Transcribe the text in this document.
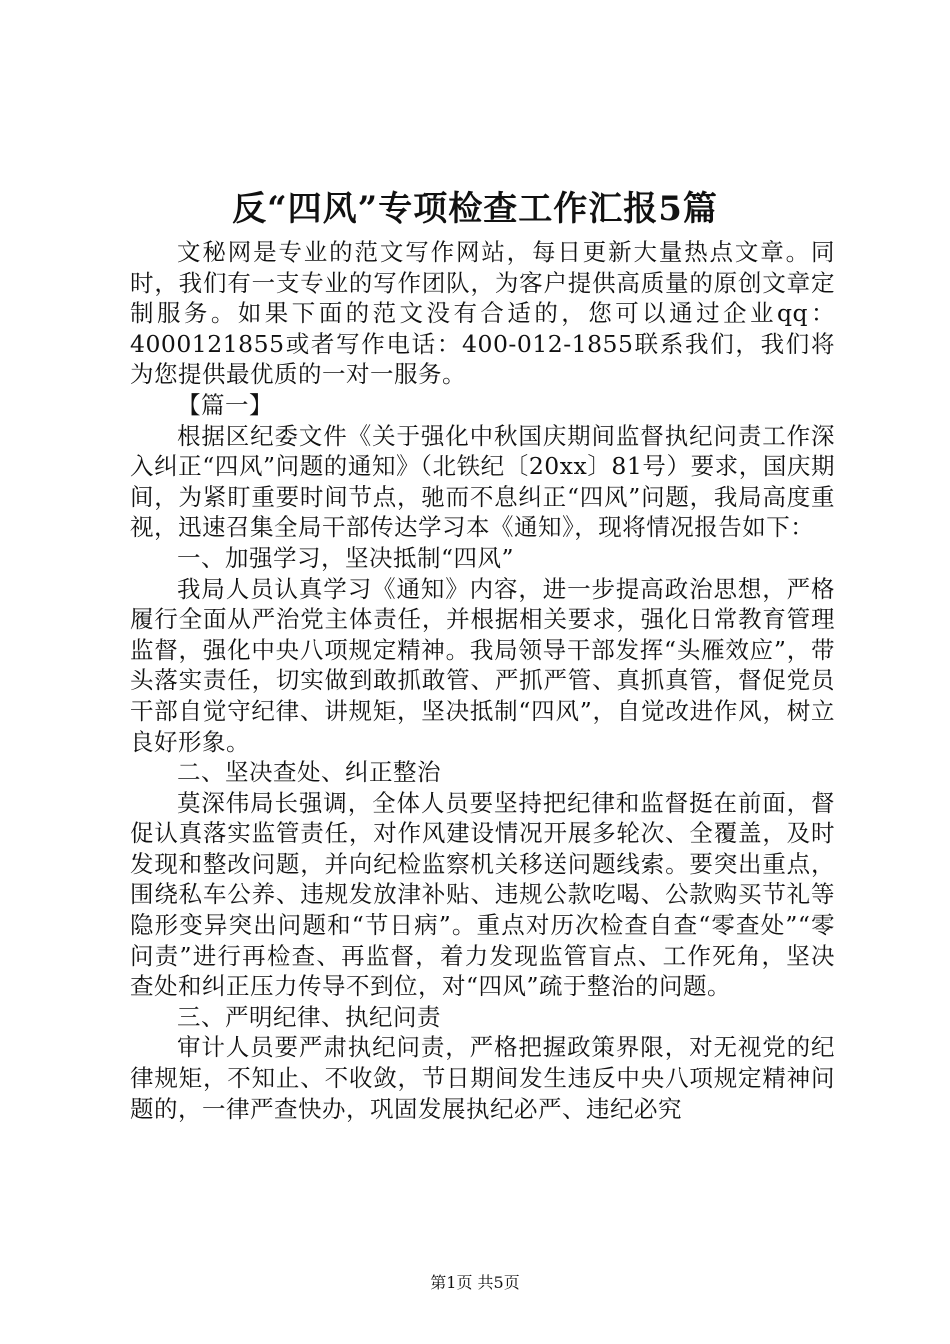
反“四风”专项检查工作汇报5篇

文秘网是专业的范文写作网站，每日更新大量热点文章。同时，我们有一支专业的写作团队，为客户提供高质量的原创文章定制服务。如果下面的范文没有合适的，您可以通过企业qq：4000121855或者写作电话：400-012-1855联系我们，我们将为您提供最优质的一对一服务。

【篇一】

根据区纪委文件《关于强化中秋国庆期间监督执纪问责工作深入纠正“四风”问题的通知》（北铁纪〔20xx〕81号）要求，国庆期间，为紧盯重要时间节点，驰而不息纠正“四风”问题，我局高度重视，迅速召集全局干部传达学习本《通知》，现将情况报告如下：

一、加强学习，坚决抵制“四风”

我局人员认真学习《通知》内容，进一步提高政治思想，严格履行全面从严治党主体责任，并根据相关要求，强化日常教育管理监督，强化中央八项规定精神。我局领导干部发挥“头雁效应”，带头落实责任，切实做到敢抓敢管、严抓严管、真抓真管，督促党员干部自觉守纪律、讲规矩，坚决抵制“四风”，自觉改进作风，树立良好形象。

二、坚决查处、纠正整治

莫深伟局长强调，全体人员要坚持把纪律和监督挺在前面，督促认真落实监管责任，对作风建设情况开展多轮次、全覆盖，及时发现和整改问题，并向纪检监察机关移送问题线索。要突出重点，围绕私车公养、违规发放津补贴、违规公款吃喝、公款购买节礼等隐形变异突出问题和“节日病”。重点对历次检查自查“零查处”“零问责”进行再检查、再监督，着力发现监管盲点、工作死角，坚决查处和纠正压力传导不到位，对“四风”疏于整治的问题。

三、严明纪律、执纪问责

审计人员要严肃执纪问责，严格把握政策界限，对无视党的纪律规矩，不知止、不收敛，节日期间发生违反中央八项规定精神问题的，一律严查快办，巩固发展执纪必严、违纪必究

第1页 共5页
